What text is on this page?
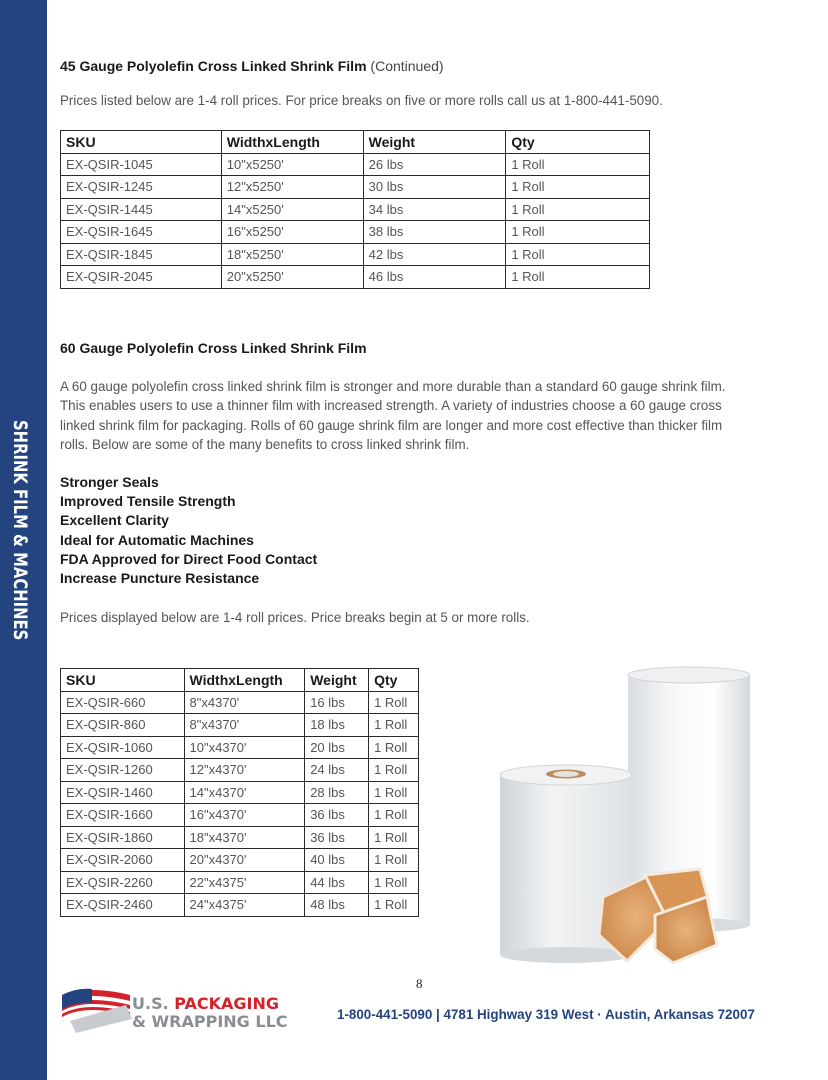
SHRINK FILM & MACHINES
45 Gauge Polyolefin Cross Linked Shrink Film (Continued)

Prices listed below are 1-4 roll prices. For price breaks on five or more rolls call us at 1-800-441-5090.

SKU	WidthxLength	Weight	Qty
EX-QSIR-1045	10"x5250'	26 lbs	1 Roll
EX-QSIR-1245	12"x5250'	30 lbs	1 Roll
EX-QSIR-1445	14"x5250'	34 lbs	1 Roll
EX-QSIR-1645	16"x5250'	38 lbs	1 Roll
EX-QSIR-1845	18"x5250'	42 lbs	1 Roll
EX-QSIR-2045	20"x5250'	46 lbs	1 Roll
60 Gauge Polyolefin Cross Linked Shrink Film
A 60 gauge polyolefin cross linked shrink film is stronger and more durable than a standard 60 gauge shrink film.
This enables users to use a thinner film with increased strength. A variety of industries choose a 60 gauge cross
linked shrink film for packaging. Rolls of 60 gauge shrink film are longer and more cost effective than thicker film
rolls. Below are some of the many benefits to cross linked shrink film.
Stronger Seals
Improved Tensile Strength
Excellent Clarity
Ideal for Automatic Machines
FDA Approved for Direct Food Contact
Increase Puncture Resistance

Prices displayed below are 1-4 roll prices. Price breaks begin at 5 or more rolls.

SKU	WidthxLength	Weight	Qty
EX-QSIR-660	8"x4370'	16 lbs	1 Roll
EX-QSIR-860	8"x4370'	18 lbs	1 Roll
EX-QSIR-1060	10"x4370'	20 lbs	1 Roll
EX-QSIR-1260	12"x4370'	24 lbs	1 Roll
EX-QSIR-1460	14"x4370'	28 lbs	1 Roll
EX-QSIR-1660	16"x4370'	36 lbs	1 Roll
EX-QSIR-1860	18"x4370'	36 lbs	1 Roll
EX-QSIR-2060	20"x4370'	40 lbs	1 Roll
EX-QSIR-2260	22"x4375'	44 lbs	1 Roll
EX-QSIR-2460	24"x4375'	48 lbs	1 Roll
8
U.S. PACKAGING
& WRAPPING LLC	1-800-441-5090 | 4781 Highway 319 West · Austin, Arkansas 72007
